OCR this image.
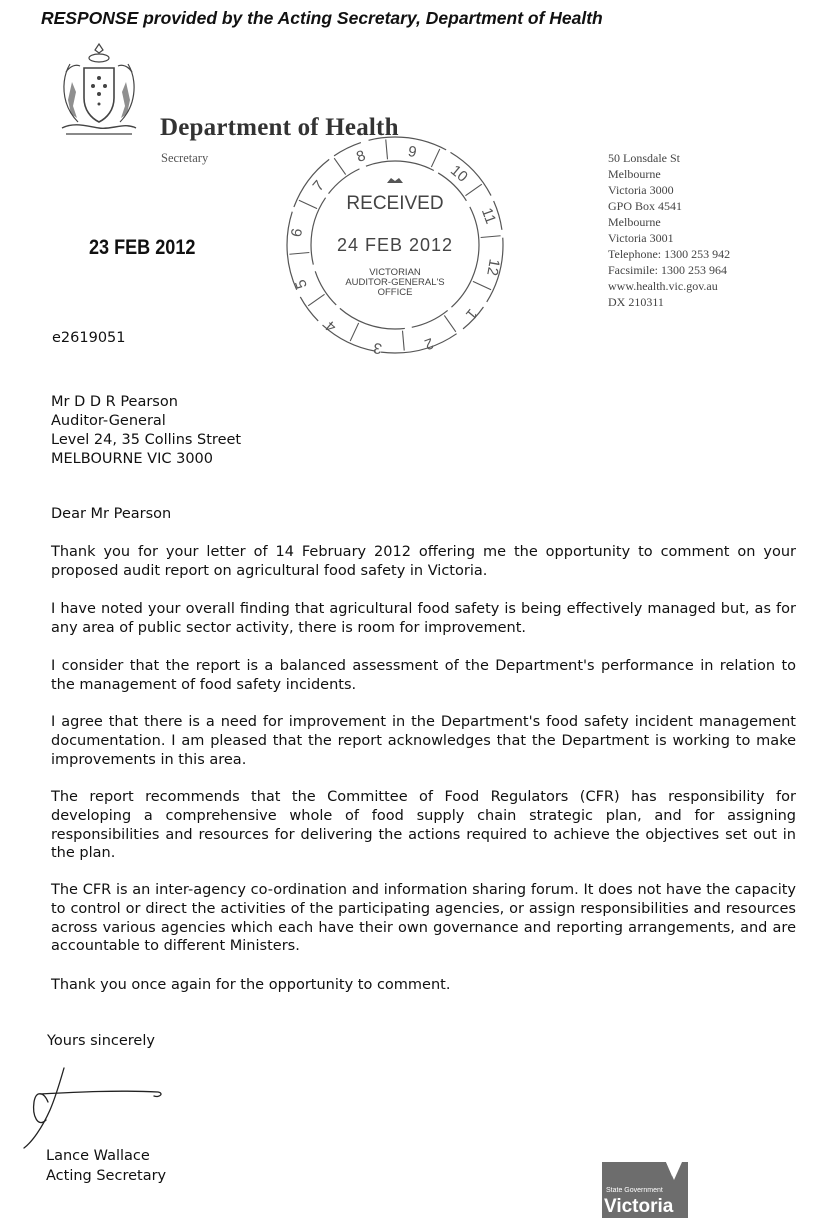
RESPONSE provided by the Acting Secretary, Department of Health
Department of Health
Secretary	50 Lonsdale St
Melbourne
Victoria 3000
GPO Box 4541
Melbourne
Victoria 3001
Telephone: 1300 253 942
Facsimile: 1300 253 964
www.health.vic.gov.au
DX 210311
23 FEB 2012
9
10
11
12
1
2
3
4
5
6
7
8
RECEIVED
24 FEB 2012
VICTORIAN
AUDITOR-GENERAL'S
OFFICE
e2619051
Mr D D R Pearson
Auditor-General
Level 24, 35 Collins Street
MELBOURNE VIC 3000
Dear Mr Pearson
Thank you for your letter of 14 February 2012 offering me the opportunity to comment on your proposed audit report on agricultural food safety in Victoria.
I have noted your overall finding that agricultural food safety is being effectively managed but, as for any area of public sector activity, there is room for improvement.
I consider that the report is a balanced assessment of the Department's performance in relation to the management of food safety incidents.
I agree that there is a need for improvement in the Department's food safety incident management documentation. I am pleased that the report acknowledges that the Department is working to make improvements in this area.
The report recommends that the Committee of Food Regulators (CFR) has responsibility for developing a comprehensive whole of food supply chain strategic plan, and for assigning responsibilities and resources for delivering the actions required to achieve the objectives set out in the plan.
The CFR is an inter-agency co-ordination and information sharing forum. It does not have the capacity to control or direct the activities of the participating agencies, or assign responsibilities and resources across various agencies which each have their own governance and reporting arrangements, and are accountable to different Ministers.
Thank you once again for the opportunity to comment.
Yours sincerely
Lance Wallace
Acting Secretary
State Government
Victoria
